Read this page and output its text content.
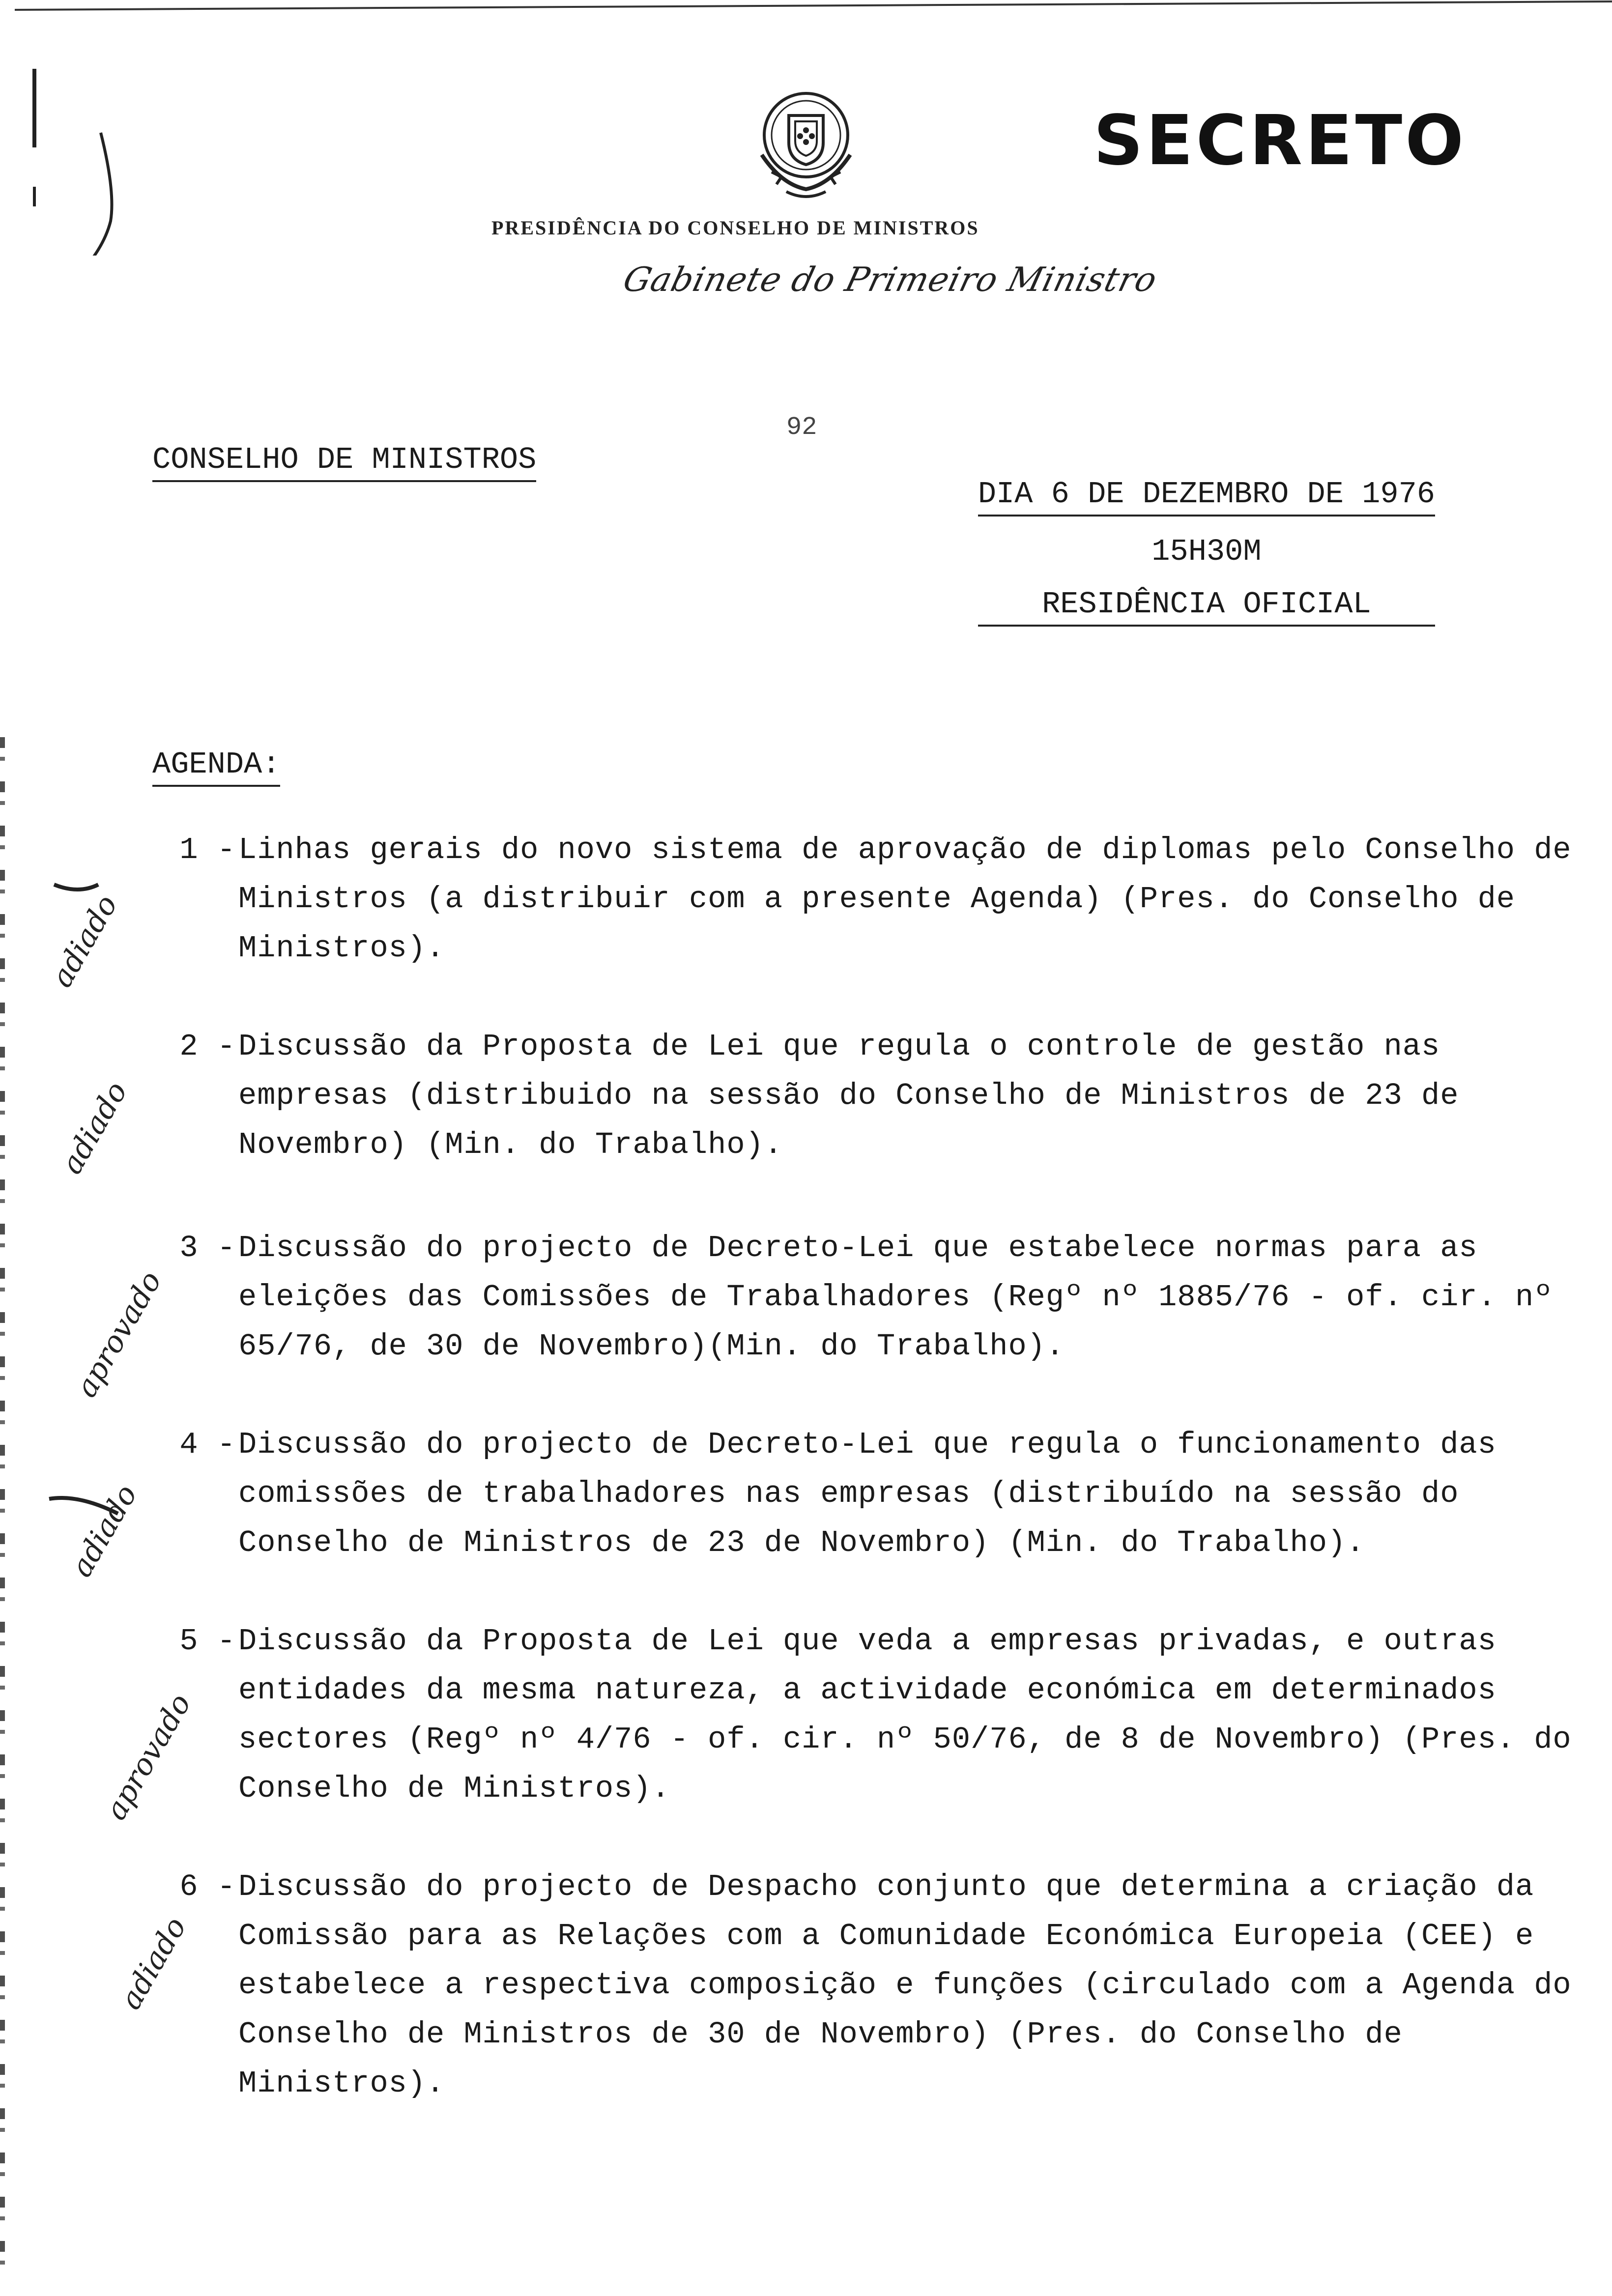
SECRETO
PRESIDÊNCIA DO CONSELHO DE MINISTROS
Gabinete do Primeiro Ministro
92
CONSELHO DE MINISTROS
DIA 6 DE DEZEMBRO DE 1976
15H30M
RESIDÊNCIA OFICIAL
AGENDA:
1 - Linhas gerais do novo sistema de aprovação de diplomas pelo Conselho de Ministros (a distribuir com a presente Agenda) (Pres. do Conselho de Ministros).
2 - Discussão da Proposta de Lei que regula o controle de gestão nas empresas (distribuido na sessão do Conselho de Ministros de 23 de Novembro) (Min. do Trabalho).
3 - Discussão do projecto de Decreto-Lei que estabelece normas para as eleições das Comissões de Trabalhadores (Regº nº 1885/76 - of. cir. nº 65/76, de 30 de Novembro)(Min. do Trabalho).
4 - Discussão do projecto de Decreto-Lei que regula o funcionamento das comissões de trabalhadores nas empresas (distribuído na sessão do Conselho de Ministros de 23 de Novembro) (Min. do Trabalho).
5 - Discussão da Proposta de Lei que veda a empresas privadas, e outras entidades da mesma natureza, a actividade económica em determinados sectores (Regº nº 4/76 - of. cir. nº 50/76, de 8 de Novembro) (Pres. do Conselho de Ministros).
6 - Discussão do projecto de Despacho conjunto que determina a criação da Comissão para as Relações com a Comunidade Económica Europeia (CEE) e estabelece a respectiva composição e funções (circulado com a Agenda do Conselho de Ministros de 30 de Novembro) (Pres. do Conselho de Ministros).
adiado
adiado
aprovado
adiado
aprovado
adiado
